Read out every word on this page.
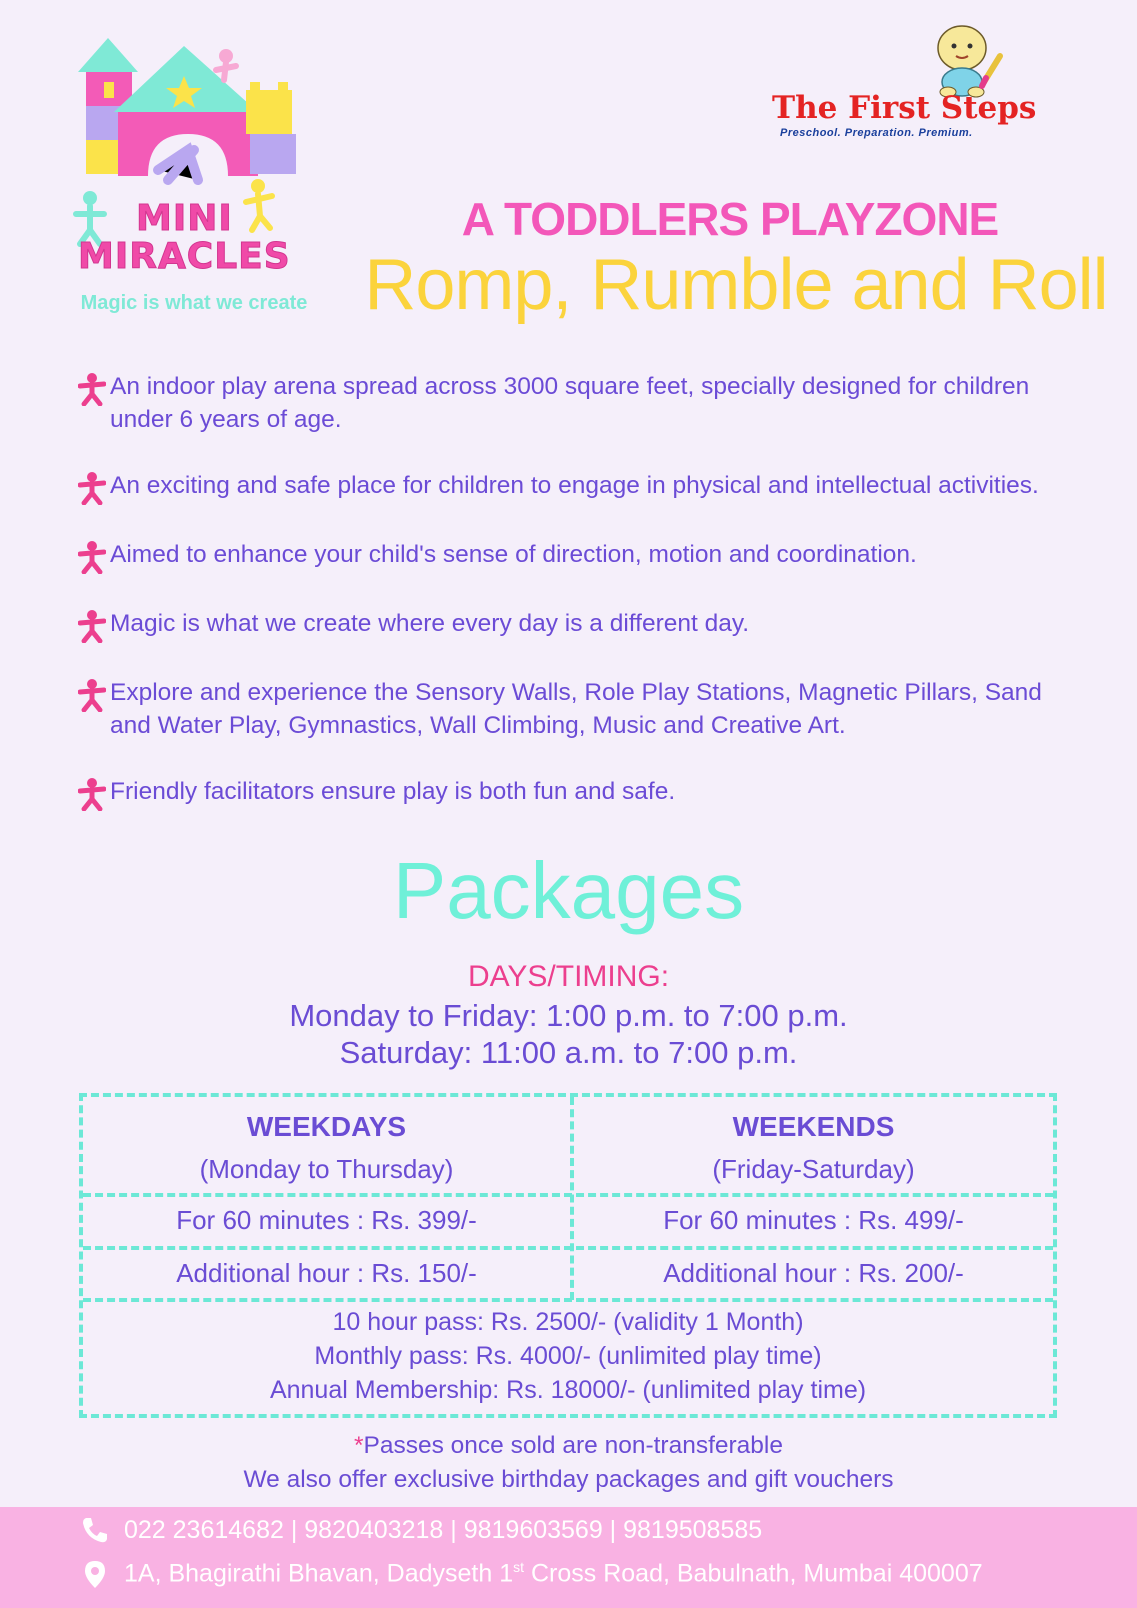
MINI
MIRACLES
Magic is what we create
The First Steps
Preschool. Preparation. Premium.
A TODDLERS PLAYZONE
Romp, Rumble and Roll
An indoor play arena spread across 3000 square feet, specially designed for children under 6 years of age.
An exciting and safe place for children to engage in physical and intellectual activities.
Aimed to enhance your child's sense of direction, motion and coordination.
Magic is what we create where every day is a different day.
Explore and experience the Sensory Walls, Role Play Stations, Magnetic Pillars, Sand and Water Play, Gymnastics, Wall Climbing, Music and Creative Art.
Friendly facilitators ensure play is both fun and safe.
Packages
DAYS/TIMING:
Monday to Friday: 1:00 p.m. to 7:00 p.m.
Saturday: 11:00 a.m. to 7:00 p.m.
WEEKDAYS
(Monday to Thursday)
WEEKENDS
(Friday-Saturday)
For 60 minutes : Rs. 399/-	For 60 minutes : Rs. 499/-
Additional hour : Rs. 150/-	Additional hour : Rs. 200/-
10 hour pass: Rs. 2500/- (validity 1 Month)
Monthly pass: Rs. 4000/- (unlimited play time)
Annual Membership: Rs. 18000/- (unlimited play time)
*Passes once sold are non-transferable
We also offer exclusive birthday packages and gift vouchers
022 23614682 | 9820403218 | 9819603569 | 9819508585
1A, Bhagirathi Bhavan, Dadyseth 1st Cross Road, Babulnath, Mumbai 400007
